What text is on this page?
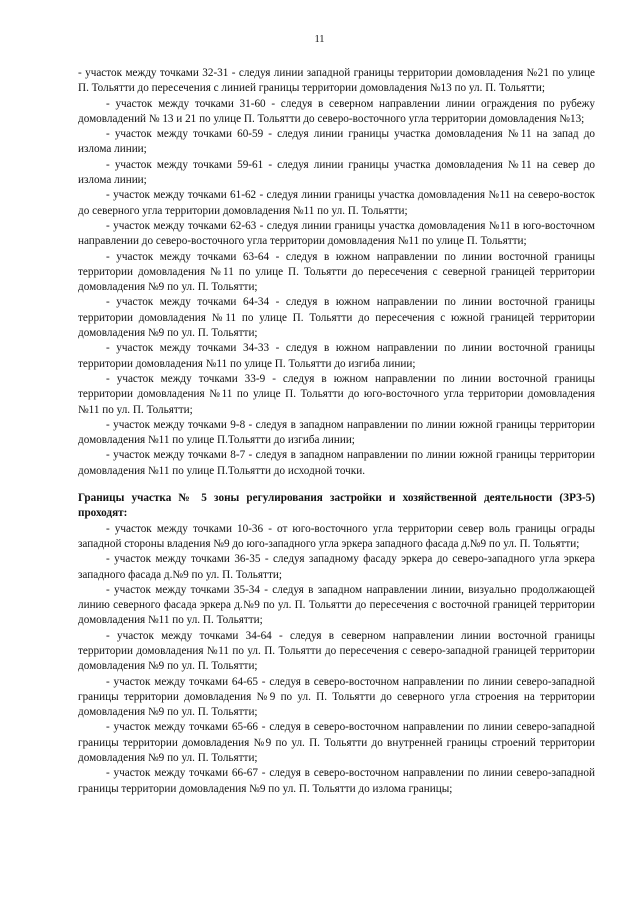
11

- участок между точками 32-31 - следуя линии западной границы территории домовладения №21 по улице П. Тольятти до пересечения с линией границы территории домовладения №13 по ул. П. Тольятти;

- участок между точками 31-60 - следуя в северном направлении линии ограждения по рубежу домовладений № 13 и 21 по улице П. Тольятти до северо-восточного угла территории домовладения №13;

- участок между точками 60-59 - следуя линии границы участка домовладения №11 на запад до излома линии;

- участок между точками 59-61 - следуя линии границы участка домовладения №11 на север до излома линии;

- участок между точками 61-62 - следуя линии границы участка домовладения №11 на северо-восток до северного угла территории домовладения №11 по ул. П. Тольятти;

- участок между точками 62-63 - следуя линии границы участка домовладения №11 в юго-восточном направлении до северо-восточного угла территории домовладения №11 по улице П. Тольятти;

- участок между точками 63-64 - следуя в южном направлении по линии восточной границы территории домовладения №11 по улице П. Тольятти до пересечения с северной границей территории домовладения №9 по ул. П. Тольятти;

- участок между точками 64-34 - следуя в южном направлении по линии восточной границы территории домовладения №11 по улице П. Тольятти до пересечения с южной границей территории домовладения №9 по ул. П. Тольятти;

- участок между точками 34-33 - следуя в южном направлении по линии восточной границы территории домовладения №11 по улице П. Тольятти до изгиба линии;

- участок между точками 33-9 - следуя в южном направлении по линии восточной границы территории домовладения №11 по улице П. Тольятти до юго-восточного угла территории домовладения №11 по ул. П. Тольятти;

- участок между точками 9-8 - следуя в западном направлении по линии южной границы территории домовладения №11 по улице П.Тольятти до изгиба линии;

- участок между точками 8-7 - следуя в западном направлении по линии южной границы территории домовладения №11 по улице П.Тольятти до исходной точки.

Границы участка № 5 зоны регулирования застройки и хозяйственной деятельности (ЗРЗ-5) проходят:

- участок между точками 10-36 - от юго-восточного угла территории север воль границы ограды западной стороны владения №9 до юго-западного угла эркера западного фасада д.№9 по ул. П. Тольятти;

- участок между точками 36-35 - следуя западному фасаду эркера до северо-западного угла эркера западного фасада д.№9 по ул. П. Тольятти;

- участок между точками 35-34 - следуя в западном направлении линии, визуально продолжающей линию северного фасада эркера д.№9 по ул. П. Тольятти до пересечения с восточной границей территории домовладения №11 по ул. П. Тольятти;

- участок между точками 34-64 - следуя в северном направлении линии восточной границы территории домовладения №11 по ул. П. Тольятти до пересечения с северо-западной границей территории домовладения №9 по ул. П. Тольятти;

- участок между точками 64-65 - следуя в северо-восточном направлении по линии северо-западной границы территории домовладения №9 по ул. П. Тольятти до северного угла строения на территории домовладения №9 по ул. П. Тольятти;

- участок между точками 65-66 - следуя в северо-восточном направлении по линии северо-западной границы территории домовладения №9 по ул. П. Тольятти до внутренней границы строений территории домовладения №9 по ул. П. Тольятти;

- участок между точками 66-67 - следуя в северо-восточном направлении по линии северо-западной границы территории домовладения №9 по ул. П. Тольятти до излома границы;
